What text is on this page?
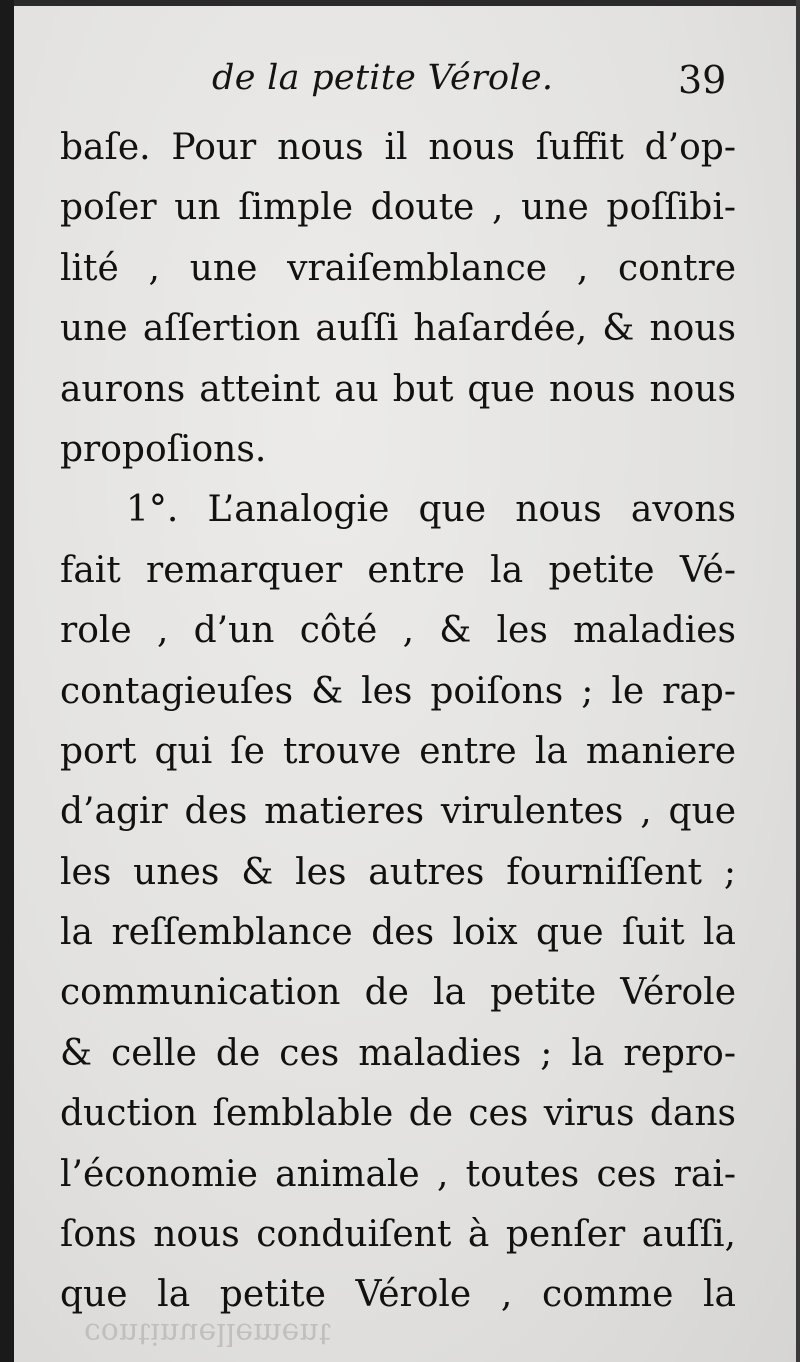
de la petite Vérole.	39
baſe. Pour nous il nous ſuffit d’op-
poſer un ſimple doute , une poſſibi-
lité , une vraiſemblance , contre
une aſſertion auſſi haſardée, & nous
aurons atteint au but que nous nous
propoſions.
1°. L’analogie que nous avons
fait remarquer entre la petite Vé-
role , d’un côté , & les maladies
contagieuſes & les poiſons ; le rap-
port qui ſe trouve entre la maniere
d’agir des matieres virulentes , que
les unes & les autres fourniſſent ;
la reſſemblance des loix que ſuit la
communication de la petite Vérole
& celle de ces maladies ; la repro-
duction ſemblable de ces virus dans
l’économie animale , toutes ces rai-
ſons nous conduiſent à penſer auſſi,
que la petite Vérole , comme la
continuellement
